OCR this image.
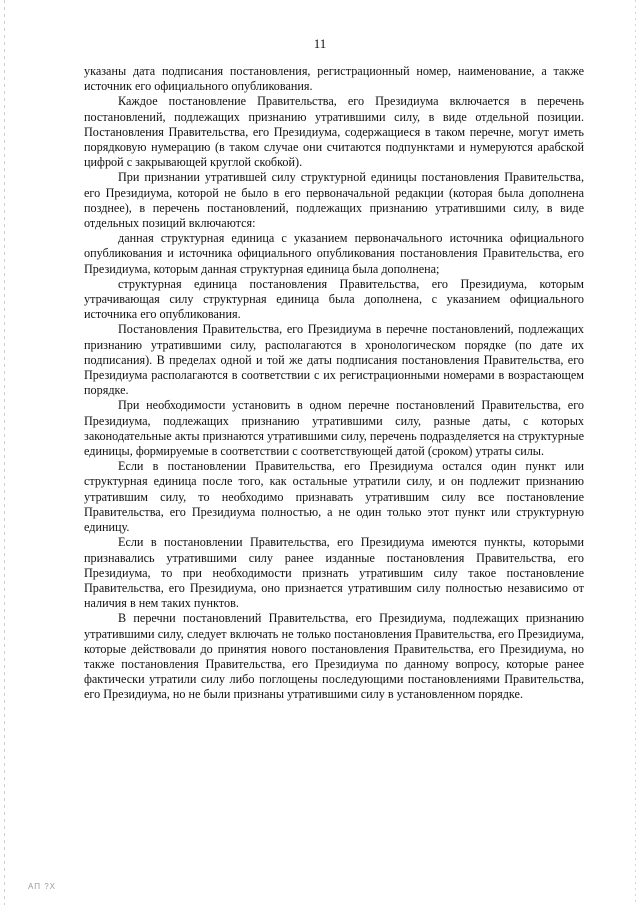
11

указаны дата подписания постановления, регистрационный номер, наименование, а также источник его официального опубликования.

Каждое постановление Правительства, его Президиума включается в перечень постановлений, подлежащих признанию утратившими силу, в виде отдельной позиции. Постановления Правительства, его Президиума, содержащиеся в таком перечне, могут иметь порядковую нумерацию (в таком случае они считаются подпунктами и нумеруются арабской цифрой с закрывающей круглой скобкой).

При признании утратившей силу структурной единицы постановления Правительства, его Президиума, которой не было в его первоначальной редакции (которая была дополнена позднее), в перечень постановлений, подлежащих признанию утратившими силу, в виде отдельных позиций включаются:

данная структурная единица с указанием первоначального источника официального опубликования и источника официального опубликования постановления Правительства, его Президиума, которым данная структурная единица была дополнена;

структурная единица постановления Правительства, его Президиума, которым утрачивающая силу структурная единица была дополнена, с указанием официального источника его опубликования.

Постановления Правительства, его Президиума в перечне постановлений, подлежащих признанию утратившими силу, располагаются в хронологическом порядке (по дате их подписания). В пределах одной и той же даты подписания постановления Правительства, его Президиума располагаются в соответствии с их регистрационными номерами в возрастающем порядке.

При необходимости установить в одном перечне постановлений Правительства, его Президиума, подлежащих признанию утратившими силу, разные даты, с которых законодательные акты признаются утратившими силу, перечень подразделяется на структурные единицы, формируемые в соответствии с соответствующей датой (сроком) утраты силы.

Если в постановлении Правительства, его Президиума остался один пункт или структурная единица после того, как остальные утратили силу, и он подлежит признанию утратившим силу, то необходимо признавать утратившим силу все постановление Правительства, его Президиума полностью, а не один только этот пункт или структурную единицу.

Если в постановлении Правительства, его Президиума имеются пункты, которыми признавались утратившими силу ранее изданные постановления Правительства, его Президиума, то при необходимости признать утратившим силу такое постановление Правительства, его Президиума, оно признается утратившим силу полностью независимо от наличия в нем таких пунктов.

В перечни постановлений Правительства, его Президиума, подлежащих признанию утратившими силу, следует включать не только постановления Правительства, его Президиума, которые действовали до принятия нового постановления Правительства, его Президиума, но также постановления Правительства, его Президиума по данному вопросу, которые ранее фактически утратили силу либо поглощены последующими постановлениями Правительства, его Президиума, но не были признаны утратившими силу в установленном порядке.

АП ?Х
